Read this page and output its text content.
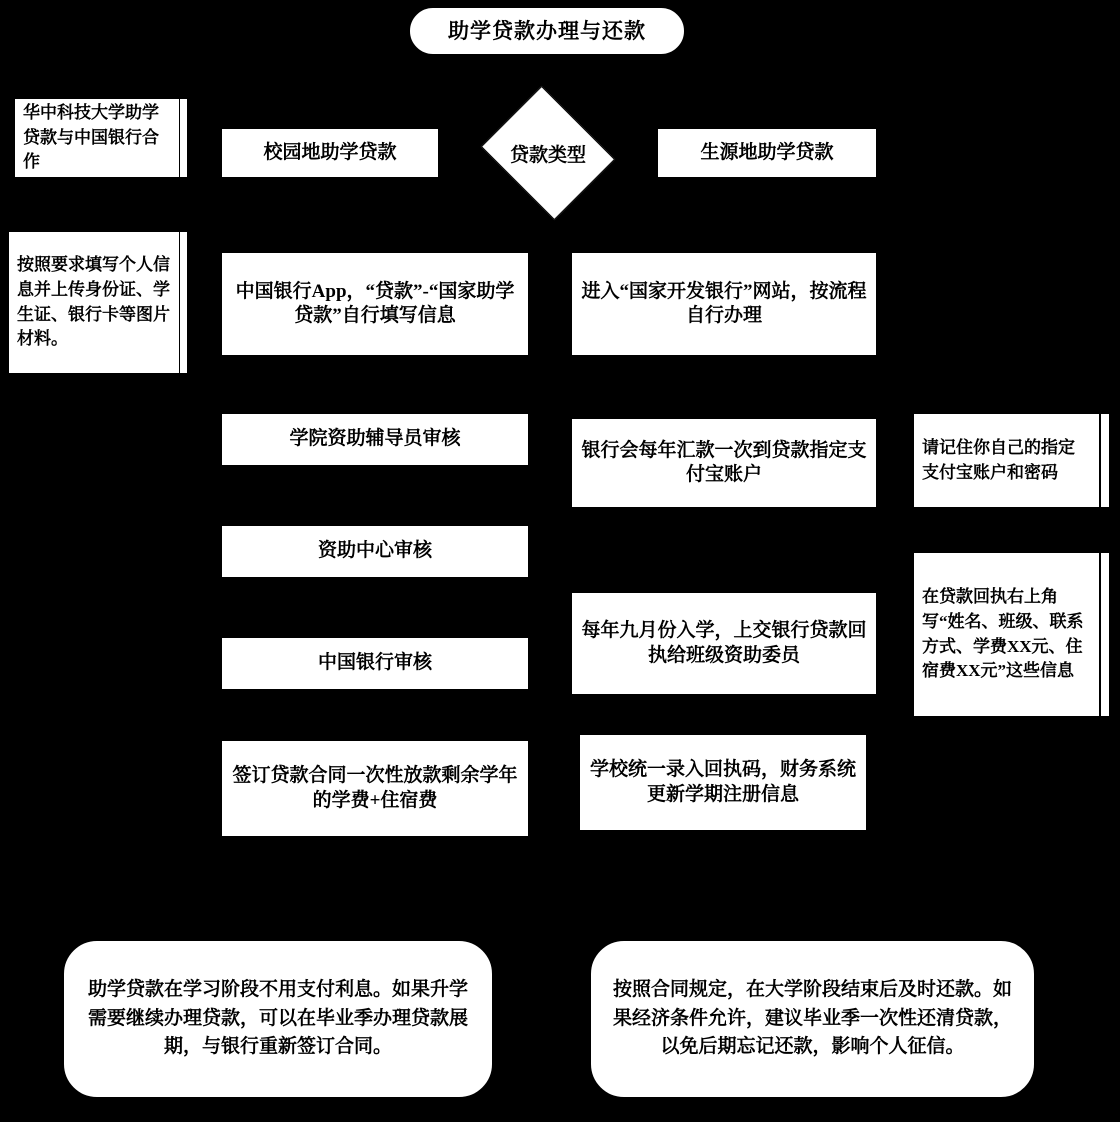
助学贷款办理与还款
华中科技大学助学贷款与中国银行合作
按照要求填写个人信息并上传身份证、学生证、银行卡等图片材料。
校园地助学贷款	贷款类型	生源地助学贷款
中国银行App，“贷款”-“国家助学贷款”自行填写信息
进入“国家开发银行”网站，按流程自行办理
学院资助辅导员审核
银行会每年汇款一次到贷款指定支付宝账户
请记住你自己的指定支付宝账户和密码
资助中心审核
在贷款回执右上角写“姓名、班级、联系方式、学费XX元、住宿费XX元”这些信息
每年九月份入学，上交银行贷款回执给班级资助委员
中国银行审核
签订贷款合同一次性放款剩余学年的学费+住宿费
学校统一录入回执码，财务系统更新学期注册信息
助学贷款在学习阶段不用支付利息。如果升学需要继续办理贷款，可以在毕业季办理贷款展期，与银行重新签订合同。
按照合同规定，在大学阶段结束后及时还款。如果经济条件允许，建议毕业季一次性还清贷款，以免后期忘记还款，影响个人征信。
